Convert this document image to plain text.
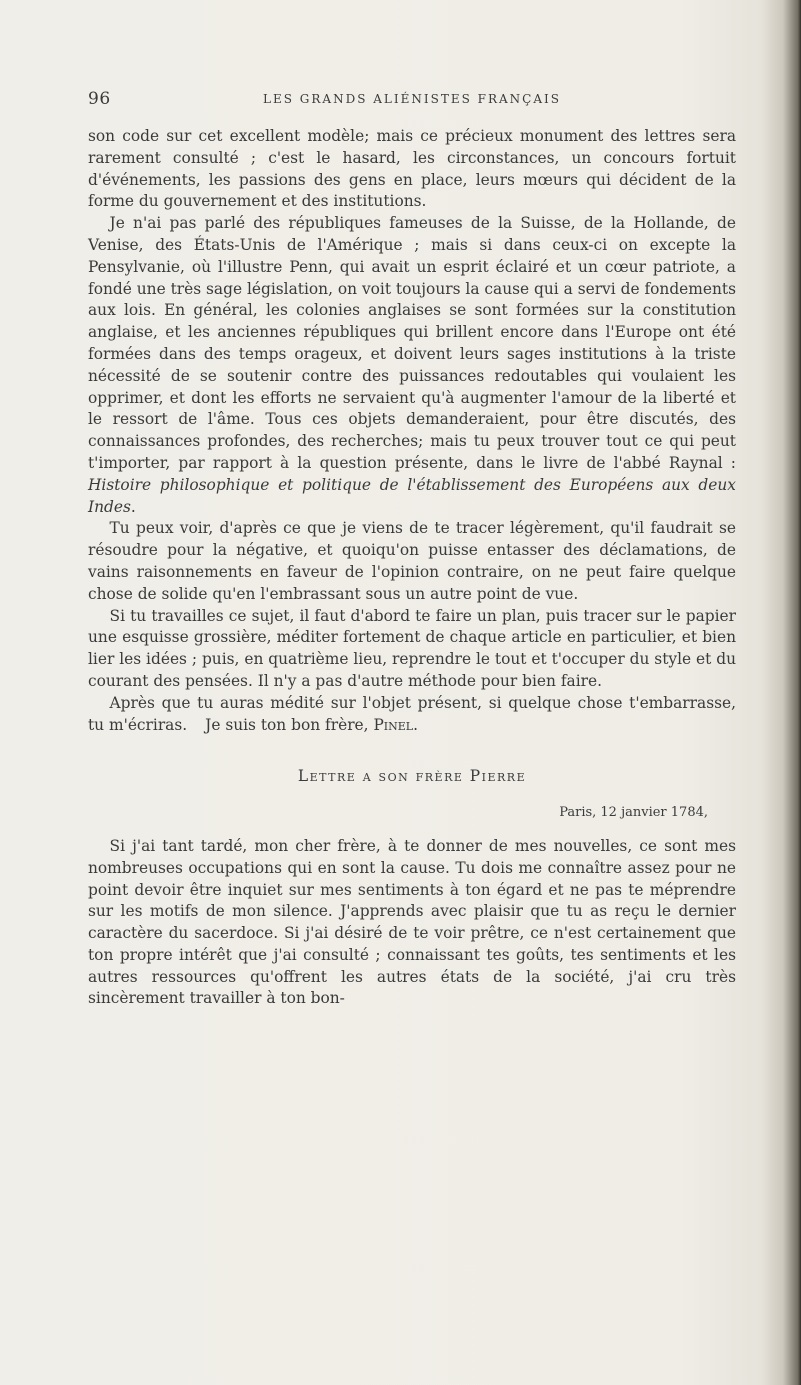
96	LES GRANDS ALIÉNISTES FRANÇAIS

son code sur cet excellent modèle; mais ce précieux monument des lettres sera rarement consulté ; c'est le hasard, les circonstances, un concours fortuit d'événements, les passions des gens en place, leurs mœurs qui décident de la forme du gouvernement et des institutions.

Je n'ai pas parlé des républiques fameuses de la Suisse, de la Hollande, de Venise, des États-Unis de l'Amérique ; mais si dans ceux-ci on excepte la Pensylvanie, où l'illustre Penn, qui avait un esprit éclairé et un cœur patriote, a fondé une très sage législation, on voit toujours la cause qui a servi de fondements aux lois. En général, les colonies anglaises se sont formées sur la constitution anglaise, et les anciennes républiques qui brillent encore dans l'Europe ont été formées dans des temps orageux, et doivent leurs sages institutions à la triste nécessité de se soutenir contre des puissances redoutables qui voulaient les opprimer, et dont les efforts ne servaient qu'à augmenter l'amour de la liberté et le ressort de l'âme. Tous ces objets demanderaient, pour être discutés, des connaissances profondes, des recherches; mais tu peux trouver tout ce qui peut t'importer, par rapport à la question présente, dans le livre de l'abbé Raynal : Histoire philosophique et politique de l'établissement des Européens aux deux Indes.

Tu peux voir, d'après ce que je viens de te tracer légèrement, qu'il faudrait se résoudre pour la négative, et quoiqu'on puisse entasser des déclamations, de vains raisonnements en faveur de l'opinion contraire, on ne peut faire quelque chose de solide qu'en l'embrassant sous un autre point de vue.

Si tu travailles ce sujet, il faut d'abord te faire un plan, puis tracer sur le papier une esquisse grossière, méditer fortement de chaque article en particulier, et bien lier les idées ; puis, en quatrième lieu, reprendre le tout et t'occuper du style et du courant des pensées. Il n'y a pas d'autre méthode pour bien faire.

Après que tu auras médité sur l'objet présent, si quelque chose t'embarrasse, tu m'écriras. Je suis ton bon frère, Pinel.

Lettre a son frère Pierre

Paris, 12 janvier 1784,

Si j'ai tant tardé, mon cher frère, à te donner de mes nouvelles, ce sont mes nombreuses occupations qui en sont la cause. Tu dois me connaître assez pour ne point devoir être inquiet sur mes sentiments à ton égard et ne pas te méprendre sur les motifs de mon silence. J'apprends avec plaisir que tu as reçu le dernier caractère du sacerdoce. Si j'ai désiré de te voir prêtre, ce n'est certainement que ton propre intérêt que j'ai consulté ; connaissant tes goûts, tes sentiments et les autres ressources qu'offrent les autres états de la société, j'ai cru très sincèrement travailler à ton bon-
